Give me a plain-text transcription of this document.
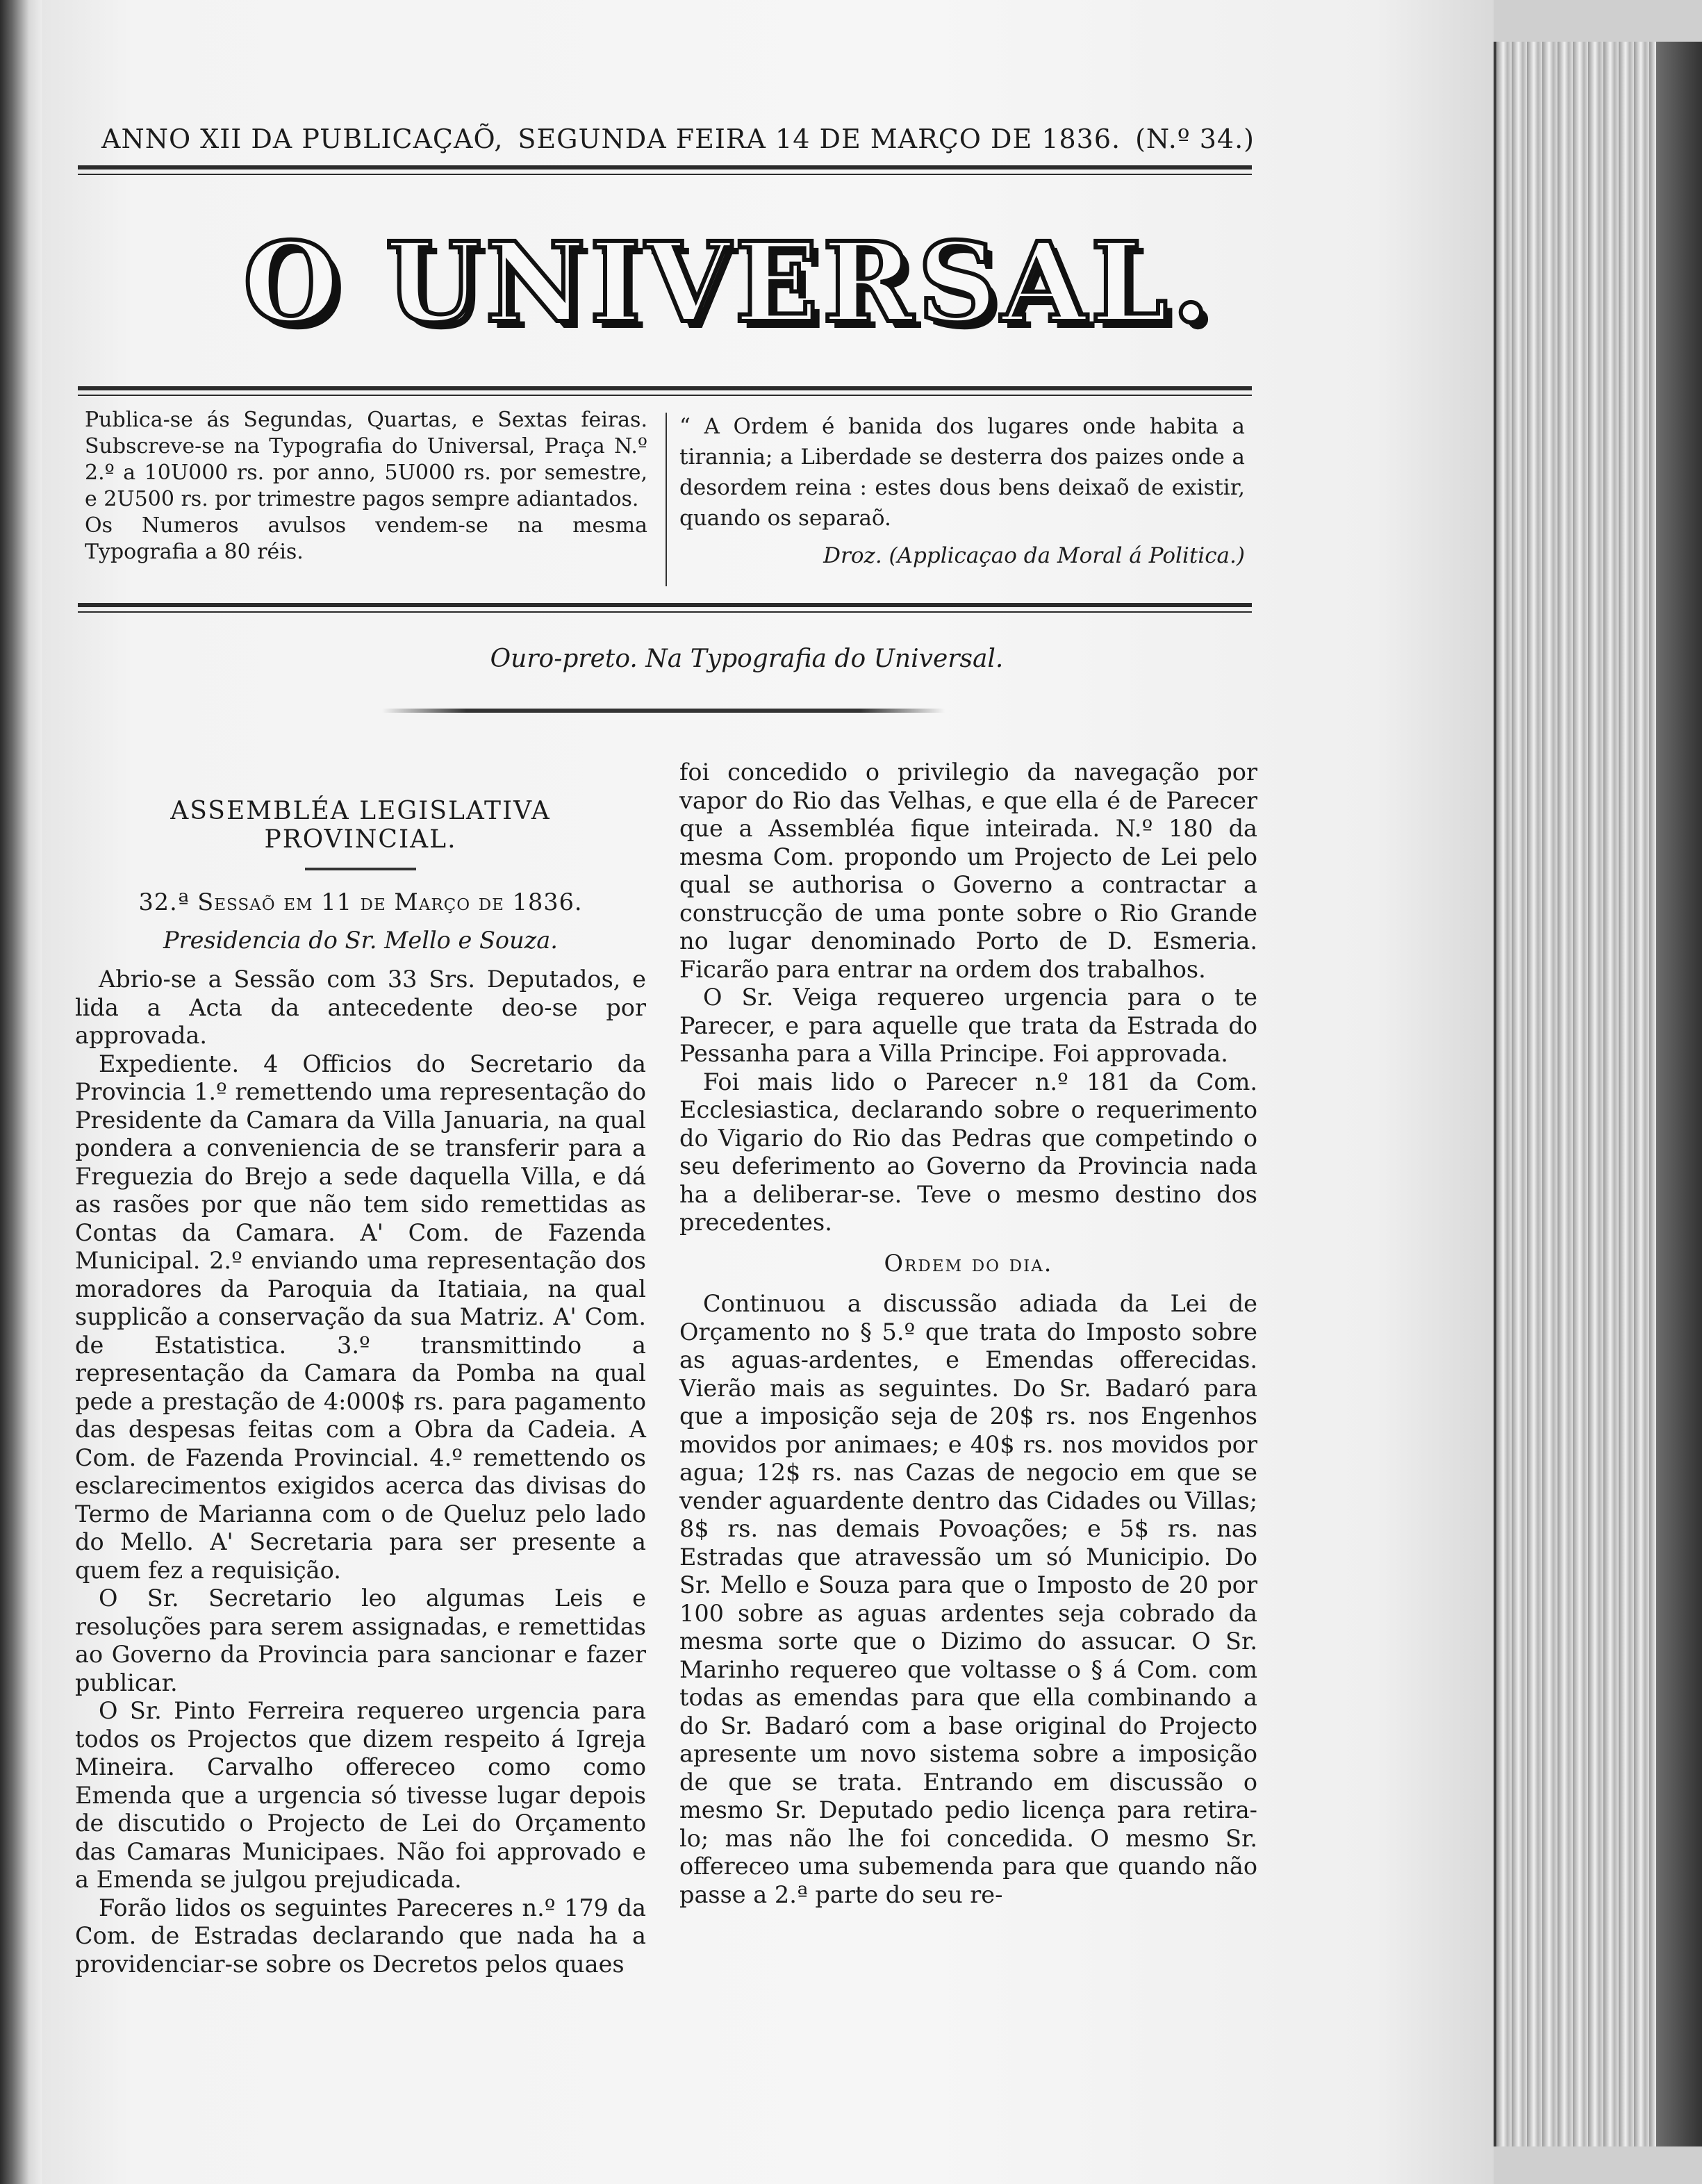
ANNO XII DA PUBLICAÇAÕ, SEGUNDA FEIRA 14 DE MARÇO DE 1836. (N.º 34.)
O UNIVERSAL.

Publica-se ás Segundas, Quartas, e Sextas feiras. Subscreve-se na Typografia do Universal, Praça N.º 2.º a 10U000 rs. por anno, 5U000 rs. por semestre, e 2U500 rs. por trimestre pagos sempre adiantados.

Os Numeros avulsos vendem-se na mesma Typografia a 80 réis.

“ A Ordem é banida dos lugares onde habita a tirannia; a Liberdade se desterra dos paizes onde a desordem reina : estes dous bens deixaõ de existir, quando os separaõ.
Droz. (Applicaçao da Moral á Politica.)
Ouro-preto. Na Typografia do Universal.
ASSEMBLÉA LEGISLATIVA PROVINCIAL.
32.ª Sessaõ em 11 de Março de 1836.
Presidencia do Sr. Mello e Souza.

Abrio-se a Sessão com 33 Srs. Deputados, e lida a Acta da antecedente deo-se por approvada.

Expediente. 4 Officios do Secretario da Provincia 1.º remettendo uma representação do Presidente da Camara da Villa Januaria, na qual pondera a conveniencia de se transferir para a Freguezia do Brejo a sede daquella Villa, e dá as rasões por que não tem sido remettidas as Contas da Camara. A' Com. de Fazenda Municipal. 2.º enviando uma representação dos moradores da Paroquia da Itatiaia, na qual supplicão a conservação da sua Matriz. A' Com. de Estatistica. 3.º transmittindo a representação da Camara da Pomba na qual pede a prestação de 4:000$ rs. para pagamento das despesas feitas com a Obra da Cadeia. A Com. de Fazenda Provincial. 4.º remettendo os esclarecimentos exigidos acerca das divisas do Termo de Marianna com o de Queluz pelo lado do Mello. A' Secretaria para ser presente a quem fez a requisição.

O Sr. Secretario leo algumas Leis e resoluções para serem assignadas, e remettidas ao Governo da Provincia para sancionar e fazer publicar.

O Sr. Pinto Ferreira requereo urgencia para todos os Projectos que dizem respeito á Igreja Mineira. Carvalho offereceo como como Emenda que a urgencia só tivesse lugar depois de discutido o Projecto de Lei do Orçamento das Camaras Municipaes. Não foi approvado e a Emenda se julgou prejudicada.

Forão lidos os seguintes Pareceres n.º 179 da Com. de Estradas declarando que nada ha a providenciar-se sobre os Decretos pelos quaes

foi concedido o privilegio da navegação por vapor do Rio das Velhas, e que ella é de Parecer que a Assembléa fique inteirada. N.º 180 da mesma Com. propondo um Projecto de Lei pelo qual se authorisa o Governo a contractar a construcção de uma ponte sobre o Rio Grande no lugar denominado Porto de D. Esmeria. Ficarão para entrar na ordem dos trabalhos.

O Sr. Veiga requereo urgencia para o te Parecer, e para aquelle que trata da Estrada do Pessanha para a Villa Principe. Foi approvada.

Foi mais lido o Parecer n.º 181 da Com. Ecclesiastica, declarando sobre o requerimento do Vigario do Rio das Pedras que competindo o seu deferimento ao Governo da Provincia nada ha a deliberar-se. Teve o mesmo destino dos precedentes.

Ordem do dia.

Continuou a discussão adiada da Lei de Orçamento no § 5.º que trata do Imposto sobre as aguas-ardentes, e Emendas offerecidas. Vierão mais as seguintes. Do Sr. Badaró para que a imposição seja de 20$ rs. nos Engenhos movidos por animaes; e 40$ rs. nos movidos por agua; 12$ rs. nas Cazas de negocio em que se vender aguardente dentro das Cidades ou Villas; 8$ rs. nas demais Povoações; e 5$ rs. nas Estradas que atravessão um só Municipio. Do Sr. Mello e Souza para que o Imposto de 20 por 100 sobre as aguas ardentes seja cobrado da mesma sorte que o Dizimo do assucar. O Sr. Marinho requereo que voltasse o § á Com. com todas as emendas para que ella combinando a do Sr. Badaró com a base original do Projecto apresente um novo sistema sobre a imposição de que se trata. Entrando em discussão o mesmo Sr. Deputado pedio licença para retira-lo; mas não lhe foi concedida. O mesmo Sr. offereceo uma subemenda para que quando não passe a 2.ª parte do seu re-
